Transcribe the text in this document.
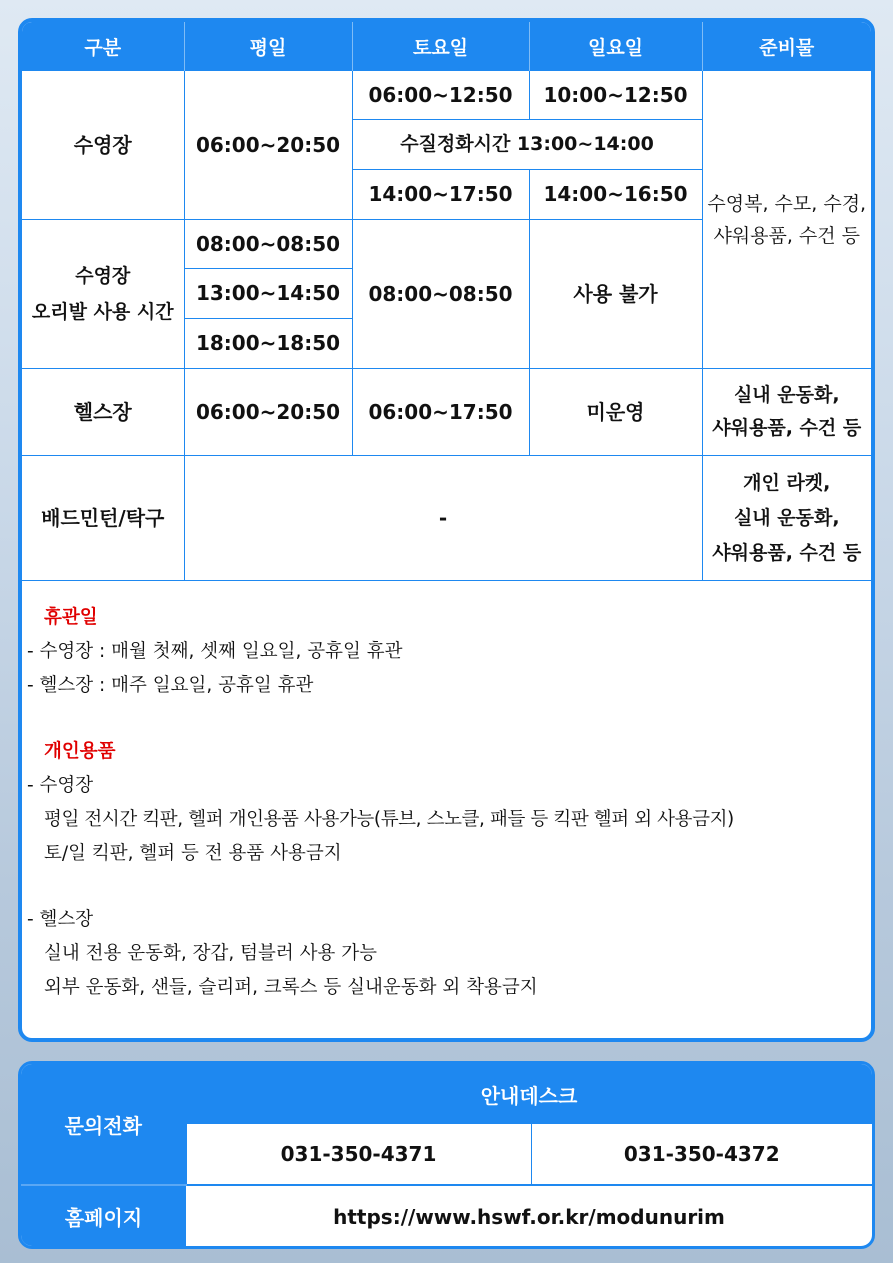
구분	평일	토요일	일요일	준비물
수영장	06:00~20:50	06:00~12:50	10:00~12:50	수영복, 수모, 수경, 샤워용품, 수건 등
		수질정화시간 13:00~14:00		
		14:00~17:50	14:00~16:50	

수영장
오리발 사용 시간	08:00~08:50	08:00~08:50	사용 불가	
	13:00~14:50			
	18:00~18:50			
헬스장	06:00~20:50	06:00~17:50	미운영	실내 운동화,
샤워용품, 수건 등

배드민턴/탁구	-			개인 라켓,
실내 운동화,
샤워용품, 수건 등
휴관일
- 수영장 : 매월 첫째, 셋째 일요일, 공휴일 휴관
- 헬스장 : 매주 일요일, 공휴일 휴관
개인용품
- 수영장
평일 전시간 킥판, 헬퍼 개인용품 사용가능(튜브, 스노클, 패들 등 킥판 헬퍼 외 사용금지)
토/일 킥판, 헬퍼 등 전 용품 사용금지
- 헬스장
실내 전용 운동화, 장갑, 텀블러 사용 가능
외부 운동화, 샌들, 슬리퍼, 크록스 등 실내운동화 외 착용금지
문의전화	안내데스크	
	031-350-4371	031-350-4372
홈페이지	https://www.hswf.or.kr/modunurim	
